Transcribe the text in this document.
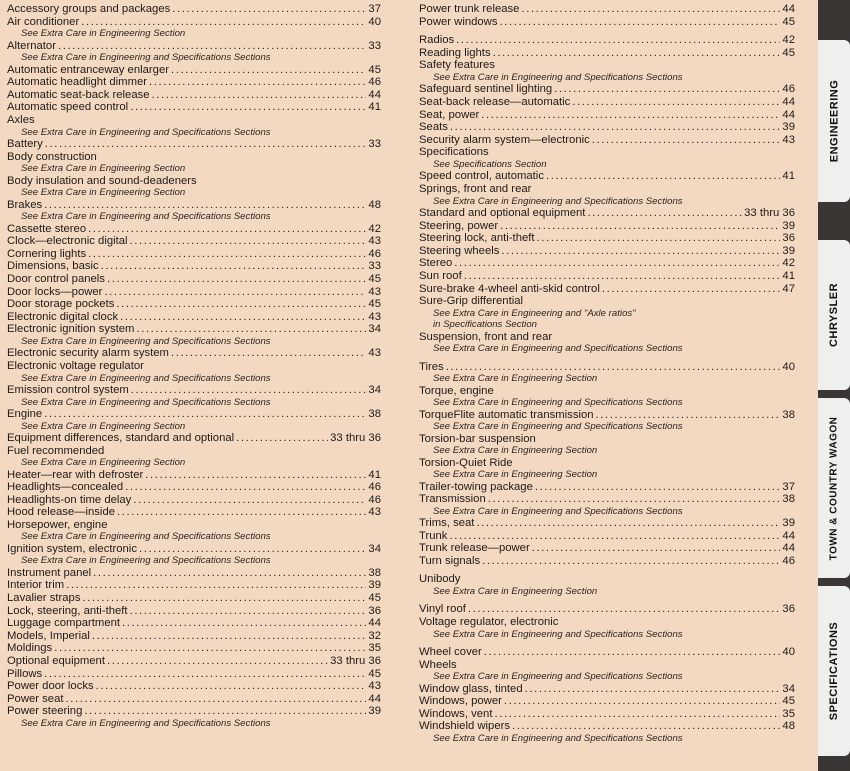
Accessory groups and packages .....	37
Air conditioner .....	40
See Extra Care in Engineering Section
Alternator .....	33
See Extra Care in Engineering and Specifications Sections
Automatic entranceway enlarger .....	45
Automatic headlight dimmer .....	46
Automatic seat-back release .....	44
Automatic speed control .....	41
Axles
See Extra Care in Engineering and Specifications Sections
Battery .....	33
Body construction
See Extra Care in Engineering Section
Body insulation and sound-deadeners
See Extra Care in Engineering Section
Brakes .....	48
See Extra Care in Engineering and Specifications Sections
Cassette stereo .....	42
Clock—electronic digital .....	43
Cornering lights .....	46
Dimensions, basic .....	33
Door control panels .....	45
Door locks—power .....	43
Door storage pockets .....	45
Electronic digital clock .....	43
Electronic ignition system .....	34
See Extra Care in Engineering and Specifications Sections
Electronic security alarm system .....	43
Electronic voltage regulator
See Extra Care in Engineering and Specifications Sections
Emission control system .....	34
See Extra Care in Engineering and Specifications Sections
Engine .....	38
See Extra Care in Engineering Section
Equipment differences, standard and optional .....	33 thru 36
Fuel recommended
See Extra Care in Engineering Section
Heater—rear with defroster .....	41
Headlights—concealed .....	46
Headlights-on time delay .....	46
Hood release—inside .....	43
Horsepower, engine
See Extra Care in Engineering and Specifications Sections
Ignition system, electronic .....	34
See Extra Care in Engineering and Specifications Sections
Instrument panel .....	38
Interior trim .....	39
Lavalier straps .....	45
Lock, steering, anti-theft .....	36
Luggage compartment .....	44
Models, Imperial .....	32
Moldings .....	35
Optional equipment .....	33 thru 36
Pillows .....	45
Power door locks .....	43
Power seat .....	44
Power steering .....	39
See Extra Care in Engineering and Specifications Sections
Power trunk release .....	44
Power windows .....	45
Radios .....	42
Reading lights .....	45
Safety features
See Extra Care in Engineering and Specifications Sections
Safeguard sentinel lighting .....	46
Seat-back release—automatic .....	44
Seat, power .....	44
Seats .....	39
Security alarm system—electronic .....	43
Specifications
See Specifications Section
Speed control, automatic .....	41
Springs, front and rear
See Extra Care in Engineering and Specifications Sections
Standard and optional equipment .....	33 thru 36
Steering, power .....	39
Steering lock, anti-theft .....	36
Steering wheels .....	39
Stereo .....	42
Sun roof .....	41
Sure-brake 4-wheel anti-skid control .....	47
Sure-Grip differential
See Extra Care in Engineering and "Axle ratios"
in Specifications Section
Suspension, front and rear
See Extra Care in Engineering and Specifications Sections
Tires .....	40
See Extra Care in Engineering Section
Torque, engine
See Extra Care in Engineering and Specifications Sections
TorqueFlite automatic transmission .....	38
See Extra Care in Engineering and Specifications Sections
Torsion-bar suspension
See Extra Care in Engineering Section
Torsion-Quiet Ride
See Extra Care in Engineering Section
Trailer-towing package .....	37
Transmission .....	38
See Extra Care in Engineering and Specifications Sections
Trims, seat .....	39
Trunk .....	44
Trunk release—power .....	44
Turn signals .....	46
Unibody
See Extra Care in Engineering Section
Vinyl roof .....	36
Voltage regulator, electronic
See Extra Care in Engineering and Specifications Sections
Wheel cover .....	40
Wheels
See Extra Care in Engineering and Specifications Sections
Window glass, tinted .....	34
Windows, power .....	45
Windows, vent .....	35
Windshield wipers .....	48
See Extra Care in Engineering and Specifications Sections
ENGINEERING
CHRYSLER
TOWN & COUNTRY WAGON
SPECIFICATIONS
